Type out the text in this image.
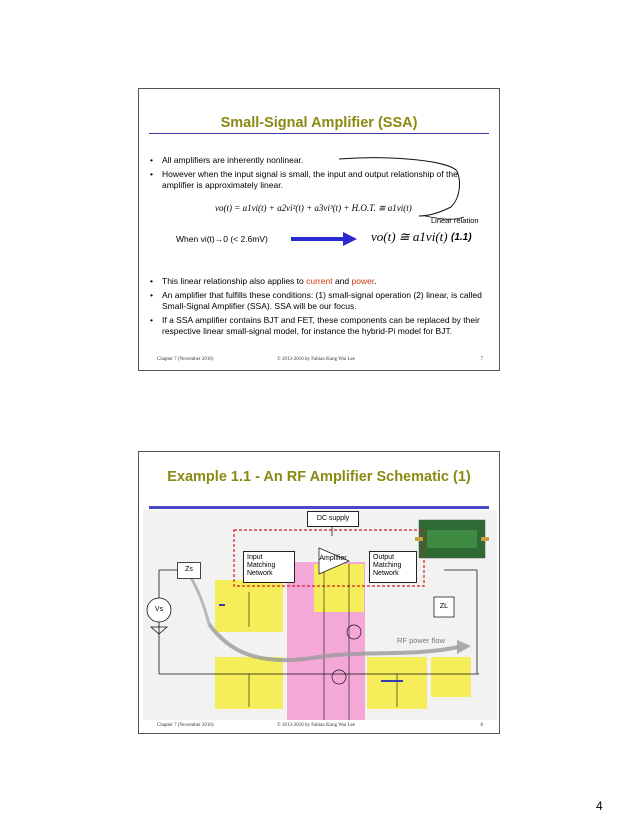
Small-Signal Amplifier (SSA)
• All amplifiers are inherently nonlinear.
• However when the input signal is small, the input and output relationship of the amplifier is approximately linear.
vo(t) = a1vi(t) + a2vi²(t) + a3vi³(t) + H.O.T. ≅ a1vi(t)
Linear relation
When vi(t)→0 (< 2.6mV)	vo(t) ≅ a1vi(t) (1.1)
• This linear relationship also applies to current and power.
• An amplifier that fulfills these conditions: (1) small-signal operation (2) linear, is called Small-Signal Amplifier (SSA). SSA will be our focus.
• If a SSA amplifier contains BJT and FET, these components can be replaced by their respective linear small-signal model, for instance the hybrid-Pi model for BJT.
Chapter 7 (November 2016)	© 2013-2016 by Fabian Kung Wai Lee	7
Example 1.1 - An RF Amplifier Schematic (1)
DC supply
Zs
Input Matching Network
Amplifier	Output Matching Network
Vs	ZL
RF power flow
Chapter 7 (November 2016)	© 2013-2016 by Fabian Kung Wai Lee	8
4
